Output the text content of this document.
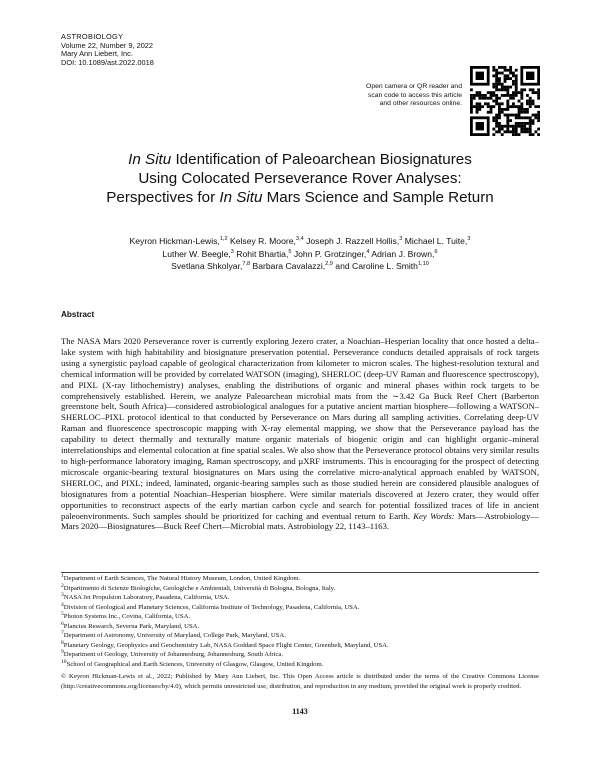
ASTROBIOLOGY
Volume 22, Number 9, 2022
Mary Ann Liebert, Inc.
DOI: 10.1089/ast.2022.0018
Open camera or QR reader and
scan code to access this article
and other resources online.
In Situ Identification of Paleoarchean Biosignatures
Using Colocated Perseverance Rover Analyses:
Perspectives for In Situ Mars Science and Sample Return
Keyron Hickman-Lewis,$^{1,2}$ Kelsey R. Moore,$^{3,4}$ Joseph J. Razzell Hollis,$^3$ Michael L. Tuite,$^3$
Luther W. Beegle,$^3$ Rohit Bhartia,$^5$ John P. Grotzinger,$^4$ Adrian J. Brown,$^6$
Svetlana Shkolyar,$^{7,8}$ Barbara Cavalazzi,$^{2,9}$ and Caroline L. Smith$^{1,10}$
Abstract
The NASA Mars 2020 Perseverance rover is currently exploring Jezero crater, a Noachian–Hesperian locality that once hosted a delta–lake system with high habitability and biosignature preservation potential. Perseverance conducts detailed appraisals of rock targets using a synergistic payload capable of geological characterization from kilometer to micron scales. The highest-resolution textural and chemical information will be provided by correlated WATSON (imaging), SHERLOC (deep-UV Raman and fluorescence spectroscopy), and PIXL (X-ray lithochemistry) analyses, enabling the distributions of organic and mineral phases within rock targets to be comprehensively established. Herein, we analyze Paleoarchean microbial mats from the ∼3.42 Ga Buck Reef Chert (Barberton greenstone belt, South Africa)—considered astrobiological analogues for a putative ancient martian biosphere—following a WATSON–SHERLOC–PIXL protocol identical to that conducted by Perseverance on Mars during all sampling activities. Correlating deep-UV Raman and fluorescence spectroscopic mapping with X-ray elemental mapping, we show that the Perseverance payload has the capability to detect thermally and texturally mature organic materials of biogenic origin and can highlight organic–mineral interrelationships and elemental colocation at fine spatial scales. We also show that the Perseverance protocol obtains very similar results to high-performance laboratory imaging, Raman spectroscopy, and µXRF instruments. This is encouraging for the prospect of detecting microscale organic-bearing textural biosignatures on Mars using the correlative micro-analytical approach enabled by WATSON, SHERLOC, and PIXL; indeed, laminated, organic-bearing samples such as those studied herein are considered plausible analogues of biosignatures from a potential Noachian–Hesperian biosphere. Were similar materials discovered at Jezero crater, they would offer opportunities to reconstruct aspects of the early martian carbon cycle and search for potential fossilized traces of life in ancient paleoenvironments. Such samples should be prioritized for caching and eventual return to Earth. Key Words: Mars—Astrobiology—Mars 2020—Biosignatures—Buck Reef Chert—Microbial mats. Astrobiology 22, 1143–1163.
$^1$Department of Earth Sciences, The Natural History Museum, London, United Kingdom.
$^2$Dipartimento di Scienze Biologiche, Geologiche e Ambientali, Università di Bologna, Bologna, Italy.
$^3$NASA Jet Propulsion Laboratory, Pasadena, California, USA.
$^4$Division of Geological and Planetary Sciences, California Institute of Technology, Pasadena, California, USA.
$^5$Photon Systems Inc., Covina, California, USA.
$^6$Plancius Research, Severna Park, Maryland, USA.
$^7$Department of Astronomy, University of Maryland, College Park, Maryland, USA.
$^8$Planetary Geology, Geophysics and Geochemistry Lab, NASA Goddard Space Flight Center, Greenbelt, Maryland, USA.
$^9$Department of Geology, University of Johannesburg, Johannesburg, South Africa.
$^{10}$School of Geographical and Earth Sciences, University of Glasgow, Glasgow, United Kingdom.
© Keyron Hickman-Lewis et al., 2022; Published by Mary Ann Liebert, Inc. This Open Access article is distributed under the terms of the Creative Commons License (http://creativecommons.org/licenses/by/4.0), which permits unrestricted use, distribution, and reproduction in any medium, provided the original work is properly credited.
1143
